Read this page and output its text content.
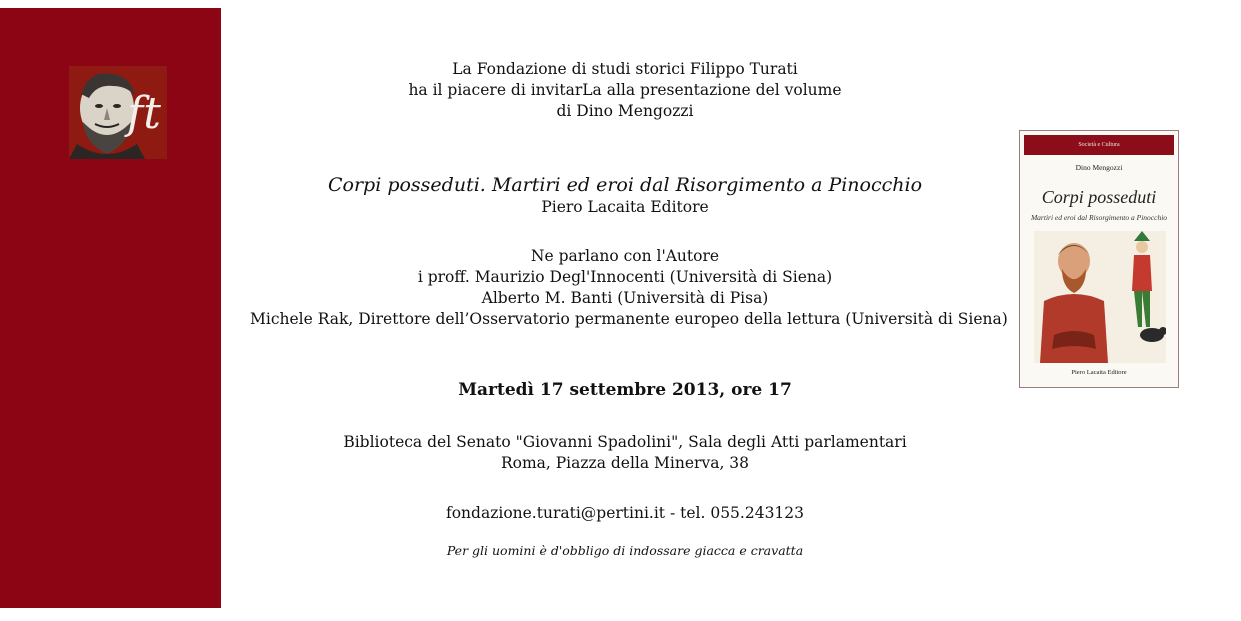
ft
La Fondazione di studi storici Filippo Turati
ha il piacere di invitarLa alla presentazione del volume
di Dino Mengozzi
Corpi posseduti. Martiri ed eroi dal Risorgimento a Pinocchio
Piero Lacaita Editore
Ne parlano con l'Autore
i proff. Maurizio Degl'Innocenti (Università di Siena)
Alberto M. Banti (Università di Pisa)
Michele Rak, Direttore dell’Osservatorio permanente europeo della lettura (Università di Siena)
Martedì 17 settembre 2013, ore 17
Biblioteca del Senato "Giovanni Spadolini", Sala degli Atti parlamentari
Roma, Piazza della Minerva, 38
fondazione.turati@pertini.it - tel. 055.243123
Per gli uomini è d'obbligo di indossare giacca e cravatta
Società e Cultura
Dino Mengozzi
Corpi posseduti
Martiri ed eroi dal Risorgimento a Pinocchio
Piero Lacaita Editore
